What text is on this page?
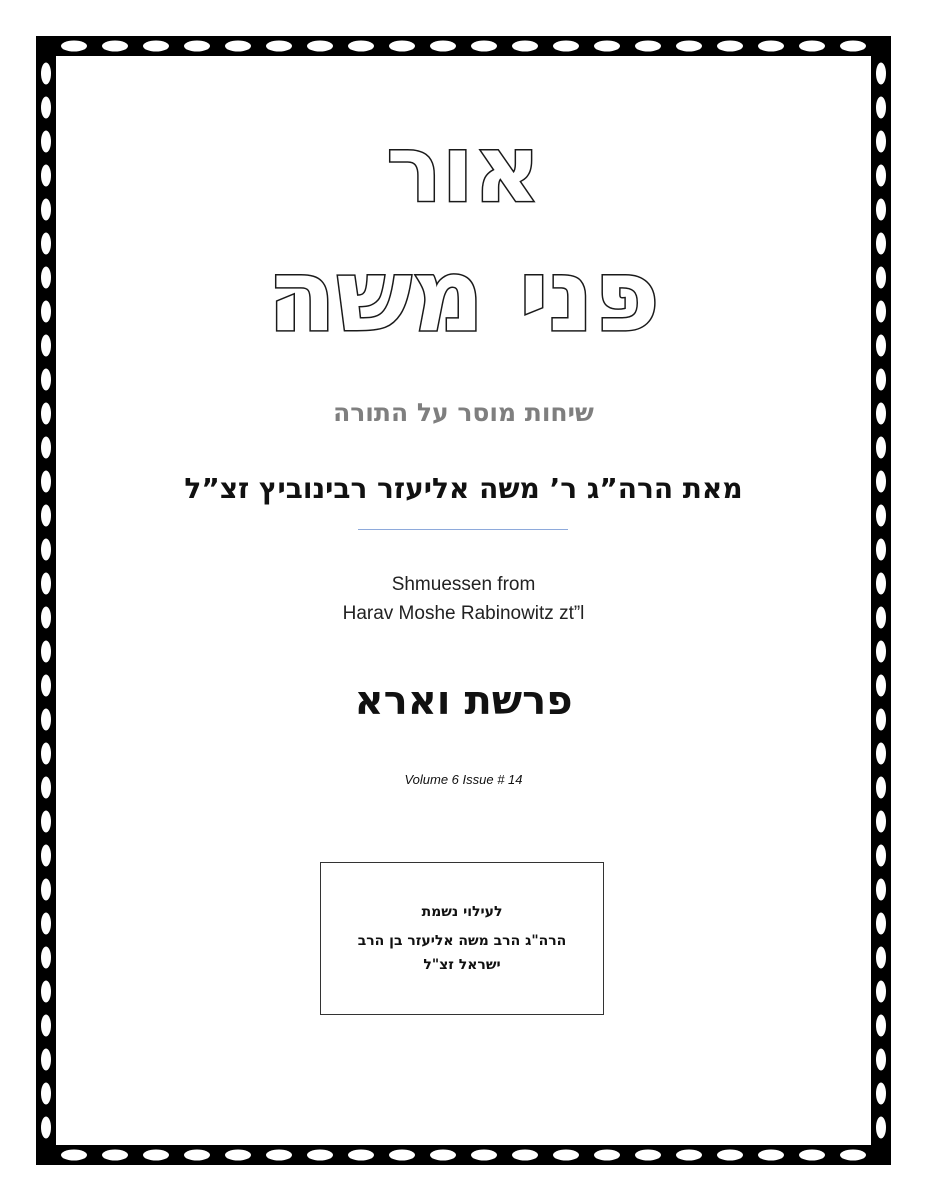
אור
פני משה
שיחות מוסר על התורה
מאת הרה”ג ר’ משה אליעזר רבינוביץ זצ”ל
Shmuessen from
Harav Moshe Rabinowitz zt”l
פרשת וארא
Volume 6 Issue # 14
לעילוי נשמת
הרה"ג הרב משה אליעזר בן הרב
ישראל זצ"ל
